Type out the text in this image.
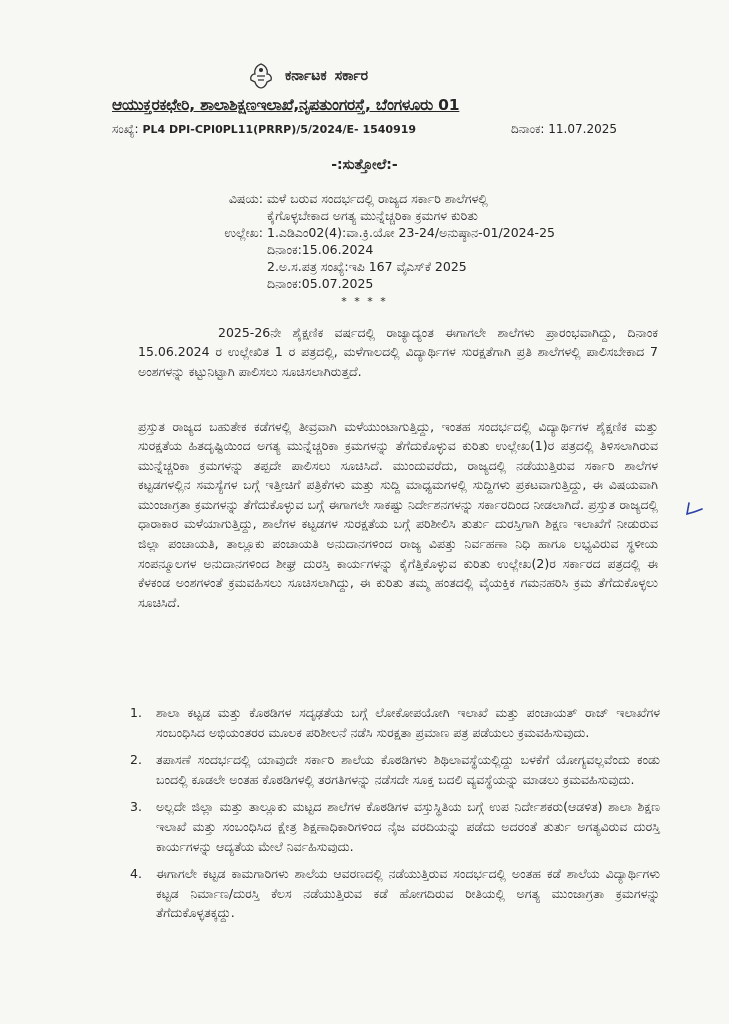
ಕರ್ನಾಟಕ ಸರ್ಕಾರ
ಆಯುಕ್ತರಕಛೇರಿ, ಶಾಲಾಶಿಕ್ಷಣಇಲಾಖೆ,ನೃಪತುಂಗರಸ್ತೆ, ಬೆಂಗಳೂರು 01
ಸಂಖ್ಯೆ: PL4 DPI-CPI0PL11(PRRP)/5/2024/E- 1540919	ದಿನಾಂಕ: 11.07.2025
-:ಸುತ್ತೋಲೆ:-
ವಿಷಯ: ಮಳೆ ಬರುವ ಸಂದರ್ಭದಲ್ಲಿ ರಾಜ್ಯದ ಸರ್ಕಾರಿ ಶಾಲೆಗಳಲ್ಲಿ
ಕೈಗೊಳ್ಳಬೇಕಾದ ಅಗತ್ಯ ಮುನ್ನೆಚ್ಚರಿಕಾ ಕ್ರಮಗಳ ಕುರಿತು
ಉಲ್ಲೇಖ: 1.ಎಡಿಎಂ02(4):ವಾ.ಕ್ರಿ.ಯೋ 23-24/ಅನುಷ್ಠಾನ-01/2024-25
ದಿನಾಂಕ:15.06.2024
2.ಅ.ಸ.ಪತ್ರ ಸಂಖ್ಯೆ:ಇಪಿ 167 ವೈಎಸ್‌ಕೆ 2025
ದಿನಾಂಕ:05.07.2025
* * * *

2025-26ನೇ ಶೈಕ್ಷಣಿಕ ವರ್ಷದಲ್ಲಿ ರಾಜ್ಯಾದ್ಯಂತ ಈಗಾಗಲೇ ಶಾಲೆಗಳು ಪ್ರಾರಂಭವಾಗಿದ್ದು, ದಿನಾಂಕ 15.06.2024 ರ ಉಲ್ಲೇಖಿತ 1 ರ ಪತ್ರದಲ್ಲಿ, ಮಳೆಗಾಲದಲ್ಲಿ ವಿದ್ಯಾರ್ಥಿಗಳ ಸುರಕ್ಷತೆಗಾಗಿ ಪ್ರತಿ ಶಾಲೆಗಳಲ್ಲಿ ಪಾಲಿಸಬೇಕಾದ 7 ಅಂಶಗಳನ್ನು ಕಟ್ಟುನಿಟ್ಟಾಗಿ ಪಾಲಿಸಲು ಸೂಚಿಸಲಾಗಿರುತ್ತದೆ.

ಪ್ರಸ್ತುತ ರಾಜ್ಯದ ಬಹುತೇಕ ಕಡೆಗಳಲ್ಲಿ ತೀವ್ರವಾಗಿ ಮಳೆಯುಂಟಾಗುತ್ತಿದ್ದು, ಇಂತಹ ಸಂದರ್ಭದಲ್ಲಿ ವಿದ್ಯಾರ್ಥಿಗಳ ಶೈಕ್ಷಣಿಕ ಮತ್ತು ಸುರಕ್ಷತೆಯ ಹಿತದೃಷ್ಟಿಯಿಂದ ಅಗತ್ಯ ಮುನ್ನೆಚ್ಚರಿಕಾ ಕ್ರಮಗಳನ್ನು ತೆಗೆದುಕೊಳ್ಳುವ ಕುರಿತು ಉಲ್ಲೇಖ(1)ರ ಪತ್ರದಲ್ಲಿ ತಿಳಿಸಲಾಗಿರುವ ಮುನ್ನೆಚ್ಚರಿಕಾ ಕ್ರಮಗಳನ್ನು ತಪ್ಪದೇ ಪಾಲಿಸಲು ಸೂಚಿಸಿದೆ. ಮುಂದುವರೆದು, ರಾಜ್ಯದಲ್ಲಿ ನಡೆಯುತ್ತಿರುವ ಸರ್ಕಾರಿ ಶಾಲೆಗಳ ಕಟ್ಟಡಗಳಲ್ಲಿನ ಸಮಸ್ಯೆಗಳ ಬಗ್ಗೆ ಇತ್ತೀಚಿಗೆ ಪತ್ರಿಕೆಗಳು ಮತ್ತು ಸುದ್ದಿ ಮಾಧ್ಯಮಗಳಲ್ಲಿ ಸುದ್ದಿಗಳು ಪ್ರಕಟವಾಗುತ್ತಿದ್ದು, ಈ ವಿಷಯವಾಗಿ ಮುಂಜಾಗ್ರತಾ ಕ್ರಮಗಳನ್ನು ತೆಗೆದುಕೊಳ್ಳುವ ಬಗ್ಗೆ ಈಗಾಗಲೇ ಸಾಕಷ್ಟು ನಿರ್ದೇಶನಗಳನ್ನು ಸರ್ಕಾರದಿಂದ ನೀಡಲಾಗಿದೆ. ಪ್ರಸ್ತುತ ರಾಜ್ಯದಲ್ಲಿ ಧಾರಾಕಾರ ಮಳೆಯಾಗುತ್ತಿದ್ದು, ಶಾಲೆಗಳ ಕಟ್ಟಡಗಳ ಸುರಕ್ಷತೆಯ ಬಗ್ಗೆ ಪರಿಶೀಲಿಸಿ ತುರ್ತು ದುರಸ್ತಿಗಾಗಿ ಶಿಕ್ಷಣ ಇಲಾಖೆಗೆ ನೀಡುರುವ ಜಿಲ್ಲಾ ಪಂಚಾಯತಿ, ತಾಲ್ಲೂಕು ಪಂಚಾಯತಿ ಅನುದಾನಗಳಿಂದ ರಾಜ್ಯ ವಿಪತ್ತು ನಿರ್ವಹಣಾ ನಿಧಿ ಹಾಗೂ ಲಭ್ಯವಿರುವ ಸ್ಥಳೀಯ ಸಂಪನ್ಮೂಲಗಳ ಅನುದಾನಗಳಿಂದ ಶೀಘ್ರ ದುರಸ್ತಿ ಕಾರ್ಯಗಳನ್ನು ಕೈಗೆತ್ತಿಕೊಳ್ಳುವ ಕುರಿತು ಉಲ್ಲೇಖ(2)ರ ಸರ್ಕಾರದ ಪತ್ರದಲ್ಲಿ ಈ ಕೆಳಕಂಡ ಅಂಶಗಳಂತೆ ಕ್ರಮವಹಿಸಲು ಸೂಚಿಸಲಾಗಿದ್ದು, ಈ ಕುರಿತು ತಮ್ಮ ಹಂತದಲ್ಲಿ ವೈಯಕ್ತಿಕ ಗಮನಹರಿಸಿ ಕ್ರಮ ತೆಗೆದುಕೊಳ್ಳಲು ಸೂಚಿಸಿದೆ.

1.	ಶಾಲಾ ಕಟ್ಟಡ ಮತ್ತು ಕೊಠಡಿಗಳ ಸದೃಢತೆಯ ಬಗ್ಗೆ ಲೋಕೋಪಯೋಗಿ ಇಲಾಖೆ ಮತ್ತು ಪಂಚಾಯತ್ ರಾಜ್ ಇಲಾಖೆಗಳ ಸಂಬಂಧಿಸಿದ ಅಭಿಯಂತರರ ಮೂಲಕ ಪರಿಶೀಲನೆ ನಡೆಸಿ ಸುರಕ್ಷತಾ ಪ್ರಮಾಣ ಪತ್ರ ಪಡೆಯಲು ಕ್ರಮವಹಿಸುವುದು.
2.	ತಪಾಸಣೆ ಸಂದರ್ಭದಲ್ಲಿ ಯಾವುದೇ ಸರ್ಕಾರಿ ಶಾಲೆಯ ಕೊಠಡಿಗಳು ಶಿಥಿಲಾವಸ್ಥೆಯಲ್ಲಿದ್ದು ಬಳಕೆಗೆ ಯೋಗ್ಯವಲ್ಲವೆಂದು ಕಂಡು ಬಂದಲ್ಲಿ ಕೂಡಲೇ ಅಂತಹ ಕೊಠಡಿಗಳಲ್ಲಿ ತರಗತಿಗಳನ್ನು ನಡೆಸದೇ ಸೂಕ್ತ ಬದಲಿ ವ್ಯವಸ್ಥೆಯನ್ನು ಮಾಡಲು ಕ್ರಮವಹಿಸುವುದು.
3.	ಅಲ್ಲದೇ ಜಿಲ್ಲಾ ಮತ್ತು ತಾಲ್ಲೂಕು ಮಟ್ಟದ ಶಾಲೆಗಳ ಕೊಠಡಿಗಳ ವಸ್ತುಸ್ಥಿತಿಯ ಬಗ್ಗೆ ಉಪ ನಿರ್ದೇಶಕರು(ಆಡಳಿತ) ಶಾಲಾ ಶಿಕ್ಷಣ ಇಲಾಖೆ ಮತ್ತು ಸಂಬಂಧಿಸಿದ ಕ್ಷೇತ್ರ ಶಿಕ್ಷಣಾಧಿಕಾರಿಗಳಿಂದ ನೈಜ ವರದಿಯನ್ನು ಪಡೆದು ಅದರಂತೆ ತುರ್ತು ಅಗತ್ಯವಿರುವ ದುರಸ್ತಿ ಕಾರ್ಯಗಳನ್ನು ಆದ್ಯತೆಯ ಮೇಲೆ ನಿರ್ವಹಿಸುವುದು.
4.	ಈಗಾಗಲೇ ಕಟ್ಟಡ ಕಾಮಗಾರಿಗಳು ಶಾಲೆಯ ಆವರಣದಲ್ಲಿ ನಡೆಯುತ್ತಿರುವ ಸಂದರ್ಭದಲ್ಲಿ ಅಂತಹ ಕಡೆ ಶಾಲೆಯ ವಿದ್ಯಾರ್ಥಿಗಳು ಕಟ್ಟಡ ನಿರ್ಮಾಣ/ದುರಸ್ತಿ ಕೆಲಸ ನಡೆಯುತ್ತಿರುವ ಕಡೆ ಹೋಗದಿರುವ ರೀತಿಯಲ್ಲಿ ಅಗತ್ಯ ಮುಂಜಾಗ್ರತಾ ಕ್ರಮಗಳನ್ನು ತೆಗೆದುಕೊಳ್ಳತಕ್ಕದ್ದು.
